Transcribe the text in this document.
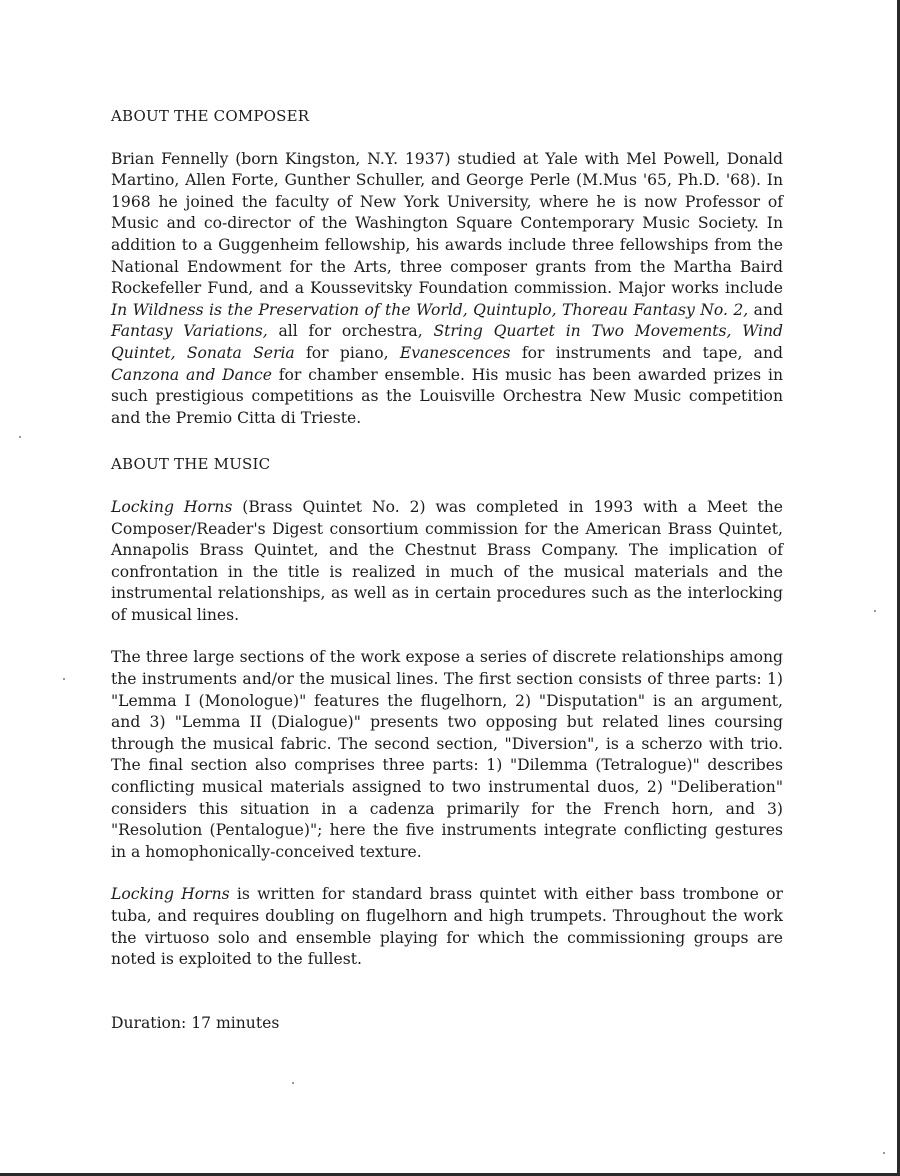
ABOUT THE COMPOSER

Brian Fennelly (born Kingston, N.Y. 1937) studied at Yale with Mel Powell, Donald Martino, Allen Forte, Gunther Schuller, and George Perle (M.Mus '65, Ph.D. '68). In 1968 he joined the faculty of New York University, where he is now Professor of Music and co-director of the Washington Square Contemporary Music Society. In addition to a Guggenheim fellowship, his awards include three fellowships from the National Endowment for the Arts, three composer grants from the Martha Baird Rockefeller Fund, and a Koussevitsky Foundation commission. Major works include In Wildness is the Preservation of the World, Quintuplo, Thoreau Fantasy No. 2, and Fantasy Variations, all for orchestra, String Quartet in Two Movements, Wind Quintet, Sonata Seria for piano, Evanescences for instruments and tape, and Canzona and Dance for chamber ensemble. His music has been awarded prizes in such prestigious competitions as the Louisville Orchestra New Music competition and the Premio Citta di Trieste.

ABOUT THE MUSIC

Locking Horns (Brass Quintet No. 2) was completed in 1993 with a Meet the Composer/Reader's Digest consortium commission for the American Brass Quintet, Annapolis Brass Quintet, and the Chestnut Brass Company. The implication of confrontation in the title is realized in much of the musical materials and the instrumental relationships, as well as in certain procedures such as the interlocking of musical lines.

The three large sections of the work expose a series of discrete relationships among the instruments and/or the musical lines. The first section consists of three parts: 1) "Lemma I (Monologue)" features the flugelhorn, 2) "Disputation" is an argument, and 3) "Lemma II (Dialogue)" presents two opposing but related lines coursing through the musical fabric. The second section, "Diversion", is a scherzo with trio. The final section also comprises three parts: 1) "Dilemma (Tetralogue)" describes conflicting musical materials assigned to two instrumental duos, 2) "Deliberation" considers this situation in a cadenza primarily for the French horn, and 3) "Resolution (Pentalogue)"; here the five instruments integrate conflicting gestures in a homophonically-conceived texture.

Locking Horns is written for standard brass quintet with either bass trombone or tuba, and requires doubling on flugelhorn and high trumpets. Throughout the work the virtuoso solo and ensemble playing for which the commissioning groups are noted is exploited to the fullest.

Duration: 17 minutes
